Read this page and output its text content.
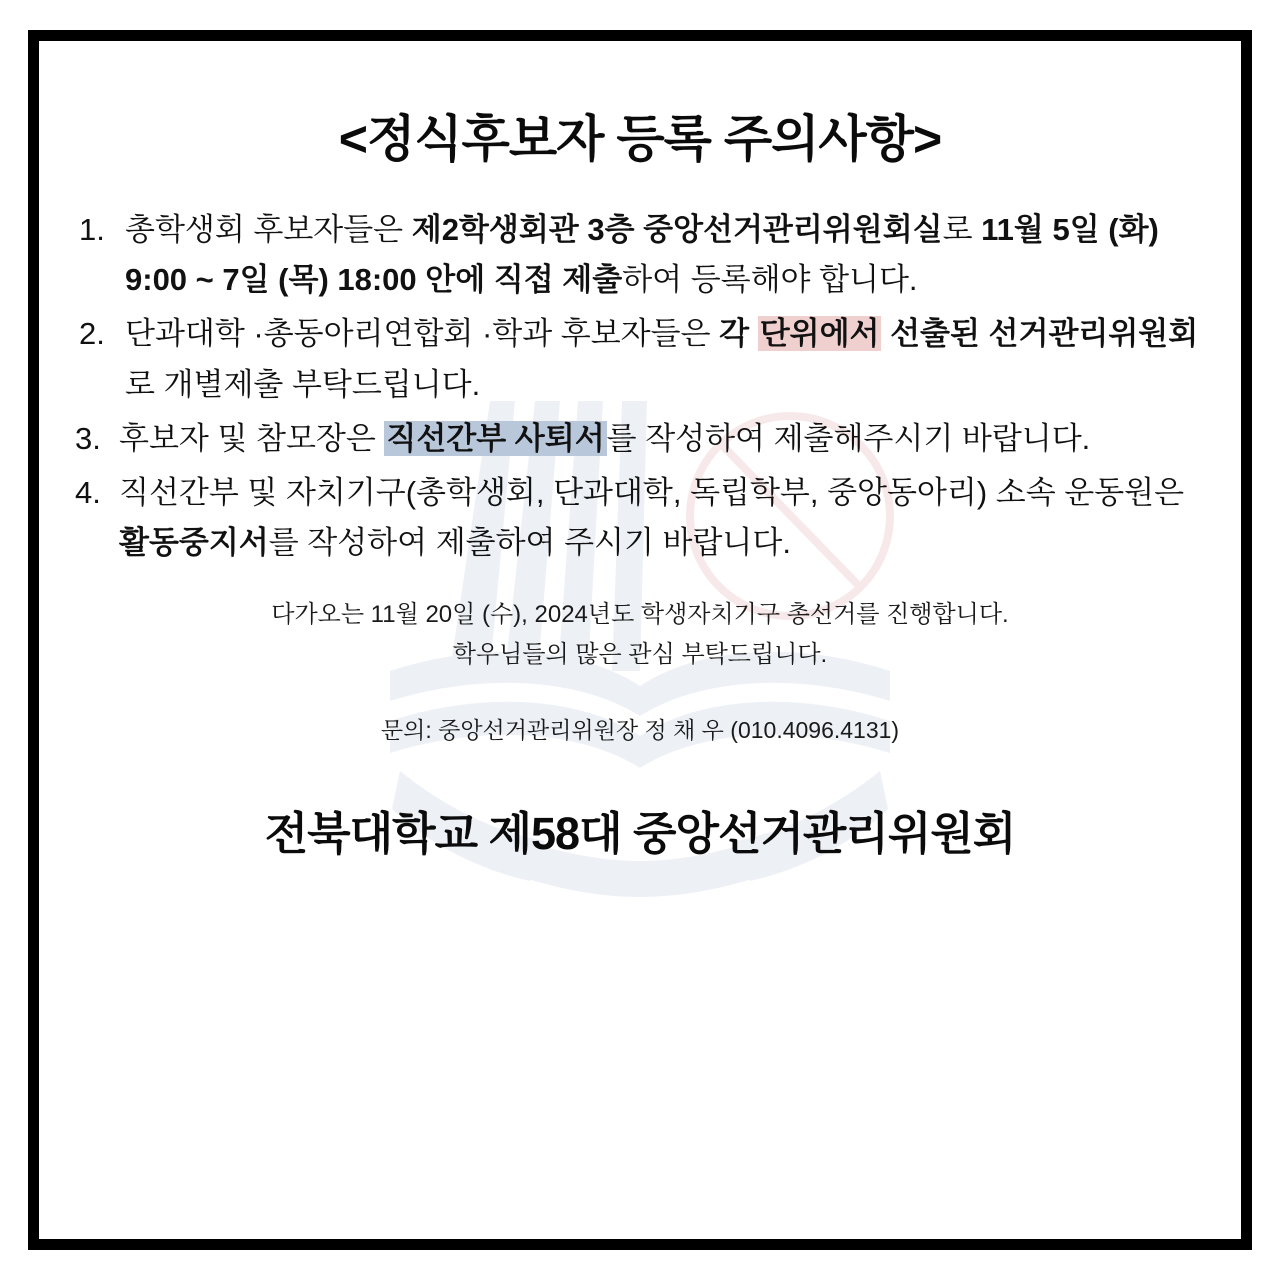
<정식후보자 등록 주의사항>
1. 총학생회 후보자들은 제2학생회관 3층 중앙선거관리위원회실로 11월 5일 (화) 9:00 ~ 7일 (목) 18:00 안에 직접 제출하여 등록해야 합니다.
2. 단과대학 ·총동아리연합회 ·학과 후보자들은 각 단위에서 선출된 선거관리위원회로 개별제출 부탁드립니다.
3. 후보자 및 참모장은 직선간부 사퇴서를 작성하여 제출해주시기 바랍니다.
4. 직선간부 및 자치기구(총학생회, 단과대학, 독립학부, 중앙동아리) 소속 운동원은 활동중지서를 작성하여 제출하여 주시기 바랍니다.
다가오는 11월 20일 (수), 2024년도 학생자치기구 총선거를 진행합니다.
학우님들의 많은 관심 부탁드립니다.
문의: 중앙선거관리위원장 정 채 우 (010.4096.4131)
전북대학교 제58대 중앙선거관리위원회
